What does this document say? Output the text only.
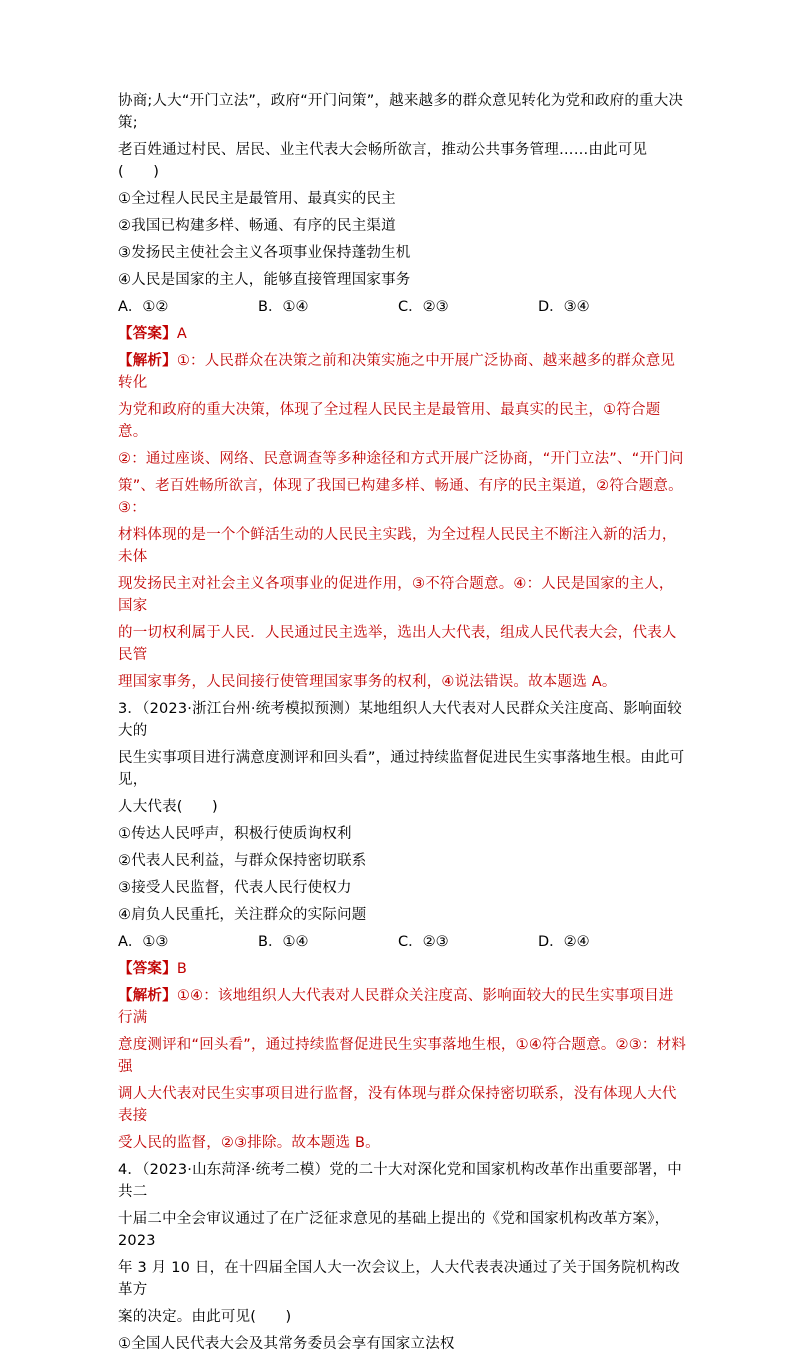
协商;人大“开门立法”，政府“开门问策”，越来越多的群众意见转化为党和政府的重大决策;
老百姓通过村民、居民、业主代表大会畅所欲言，推动公共事务管理……由此可见(　　)
①全过程人民民主是最管用、最真实的民主
②我国已构建多样、畅通、有序的民主渠道
③发扬民主使社会主义各项事业保持蓬勃生机
④人民是国家的主人，能够直接管理国家事务
A．①②	B．①④	C．②③	D．③④
【答案】A
【解析】①：人民群众在决策之前和决策实施之中开展广泛协商、越来越多的群众意见转化
为党和政府的重大决策，体现了全过程人民民主是最管用、最真实的民主，①符合题意。
②：通过座谈、网络、民意调查等多种途径和方式开展广泛协商，“开门立法”、“开门问
策”、老百姓畅所欲言，体现了我国已构建多样、畅通、有序的民主渠道，②符合题意。③：
材料体现的是一个个鲜活生动的人民民主实践，为全过程人民民主不断注入新的活力，未体
现发扬民主对社会主义各项事业的促进作用，③不符合题意。④：人民是国家的主人，国家
的一切权利属于人民．人民通过民主选举，选出人大代表，组成人民代表大会，代表人民管
理国家事务，人民间接行使管理国家事务的权利，④说法错误。故本题选 A。
3．（2023·浙江台州·统考模拟预测）某地组织人大代表对人民群众关注度高、影响面较大的
民生实事项目进行满意度测评和回头看”，通过持续监督促进民生实事落地生根。由此可见，
人大代表(　　)
①传达人民呼声，积极行使质询权利
②代表人民利益，与群众保持密切联系
③接受人民监督，代表人民行使权力
④肩负人民重托，关注群众的实际问题
A．①③	B．①④	C．②③	D．②④
【答案】B
【解析】①④：该地组织人大代表对人民群众关注度高、影响面较大的民生实事项目进行满
意度测评和“回头看”，通过持续监督促进民生实事落地生根，①④符合题意。②③：材料强
调人大代表对民生实事项目进行监督，没有体现与群众保持密切联系，没有体现人大代表接
受人民的监督，②③排除。故本题选 B。
4．（2023·山东菏泽·统考二模）党的二十大对深化党和国家机构改革作出重要部署，中共二
十届二中全会审议通过了在广泛征求意见的基础上提出的《党和国家机构改革方案》，2023
年 3 月 10 日，在十四届全国人大一次会议上，人大代表表决通过了关于国务院机构改革方
案的决定。由此可见(　　)
①全国人民代表大会及其常务委员会享有国家立法权
